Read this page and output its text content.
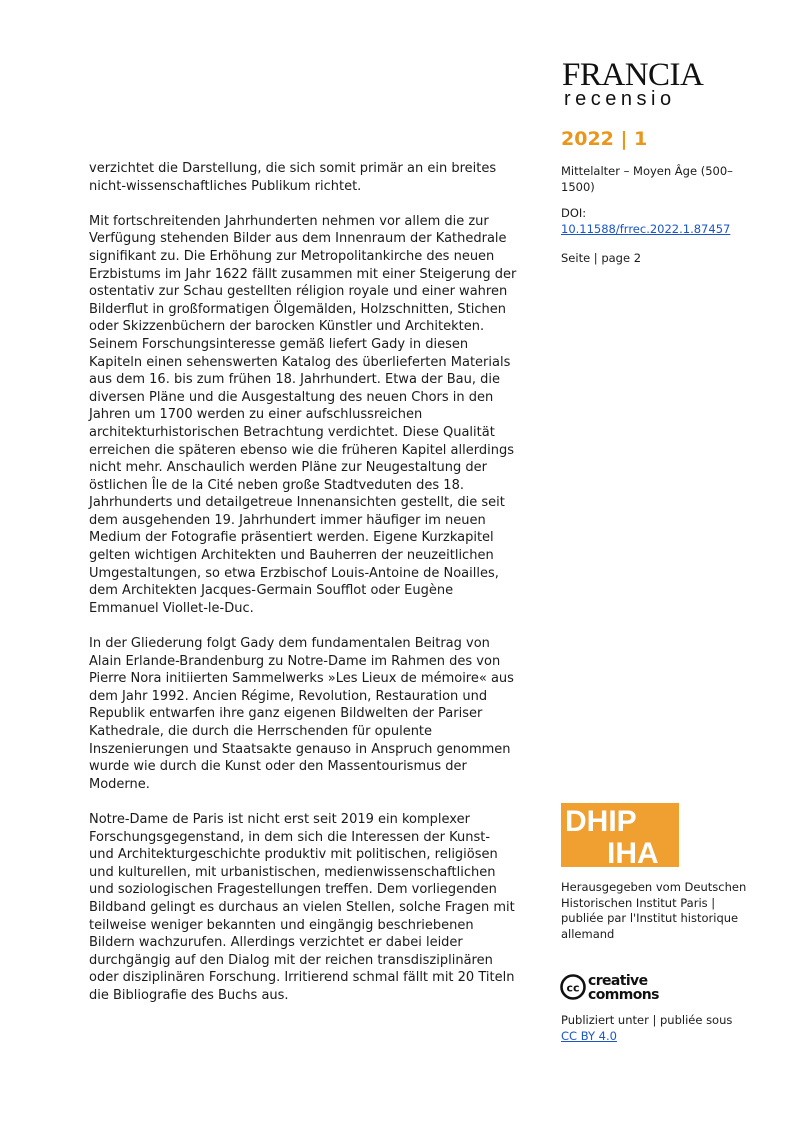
FRANCIA
recensio
2022 | 1
Mittelalter – Moyen Âge (500–1500)
DOI:
10.11588/frrec.2022.1.87457
Seite | page 2

verzichtet die Darstellung, die sich somit primär an ein breites nicht-wissenschaftliches Publikum richtet.

Mit fortschreitenden Jahrhunderten nehmen vor allem die zur Verfügung stehenden Bilder aus dem Innenraum der Kathedrale signifikant zu. Die Erhöhung zur Metropolitankirche des neuen Erzbistums im Jahr 1622 fällt zusammen mit einer Steigerung der ostentativ zur Schau gestellten réligion royale und einer wahren Bilderflut in großformatigen Ölgemälden, Holzschnitten, Stichen oder Skizzenbüchern der barocken Künstler und Architekten. Seinem Forschungsinteresse gemäß liefert Gady in diesen Kapiteln einen sehenswerten Katalog des überlieferten Materials aus dem 16. bis zum frühen 18. Jahrhundert. Etwa der Bau, die diversen Pläne und die Ausgestaltung des neuen Chors in den Jahren um 1700 werden zu einer aufschlussreichen architekturhistorischen Betrachtung verdichtet. Diese Qualität erreichen die späteren ebenso wie die früheren Kapitel allerdings nicht mehr. Anschaulich werden Pläne zur Neugestaltung der östlichen Île de la Cité neben große Stadtveduten des 18. Jahrhunderts und detailgetreue Innenansichten gestellt, die seit dem ausgehenden 19. Jahrhundert immer häufiger im neuen Medium der Fotografie präsentiert werden. Eigene Kurzkapitel gelten wichtigen Architekten und Bauherren der neuzeitlichen Umgestaltungen, so etwa Erzbischof Louis-Antoine de Noailles, dem Architekten Jacques-Germain Soufflot oder Eugène Emmanuel Viollet-le-Duc.

In der Gliederung folgt Gady dem fundamentalen Beitrag von Alain Erlande-Brandenburg zu Notre-Dame im Rahmen des von Pierre Nora initiierten Sammelwerks »Les Lieux de mémoire« aus dem Jahr 1992. Ancien Régime, Revolution, Restauration und Republik entwarfen ihre ganz eigenen Bildwelten der Pariser Kathedrale, die durch die Herrschenden für opulente Inszenierungen und Staatsakte genauso in Anspruch genommen wurde wie durch die Kunst oder den Massentourismus der Moderne.

Notre-Dame de Paris ist nicht erst seit 2019 ein komplexer Forschungsgegenstand, in dem sich die Interessen der Kunst- und Architekturgeschichte produktiv mit politischen, religiösen und kulturellen, mit urbanistischen, medienwissenschaftlichen und soziologischen Fragestellungen treffen. Dem vorliegenden Bildband gelingt es durchaus an vielen Stellen, solche Fragen mit teilweise weniger bekannten und eingängig beschriebenen Bildern wachzurufen. Allerdings verzichtet er dabei leider durchgängig auf den Dialog mit der reichen transdisziplinären oder disziplinären Forschung. Irritierend schmal fällt mit 20 Titeln die Bibliografie des Buchs aus.

DHIP
IHA
Herausgegeben vom Deutschen Historischen Institut Paris | publiée par l'Institut historique allemand
cc creative
commons
Publiziert unter | publiée sous
CC BY 4.0
